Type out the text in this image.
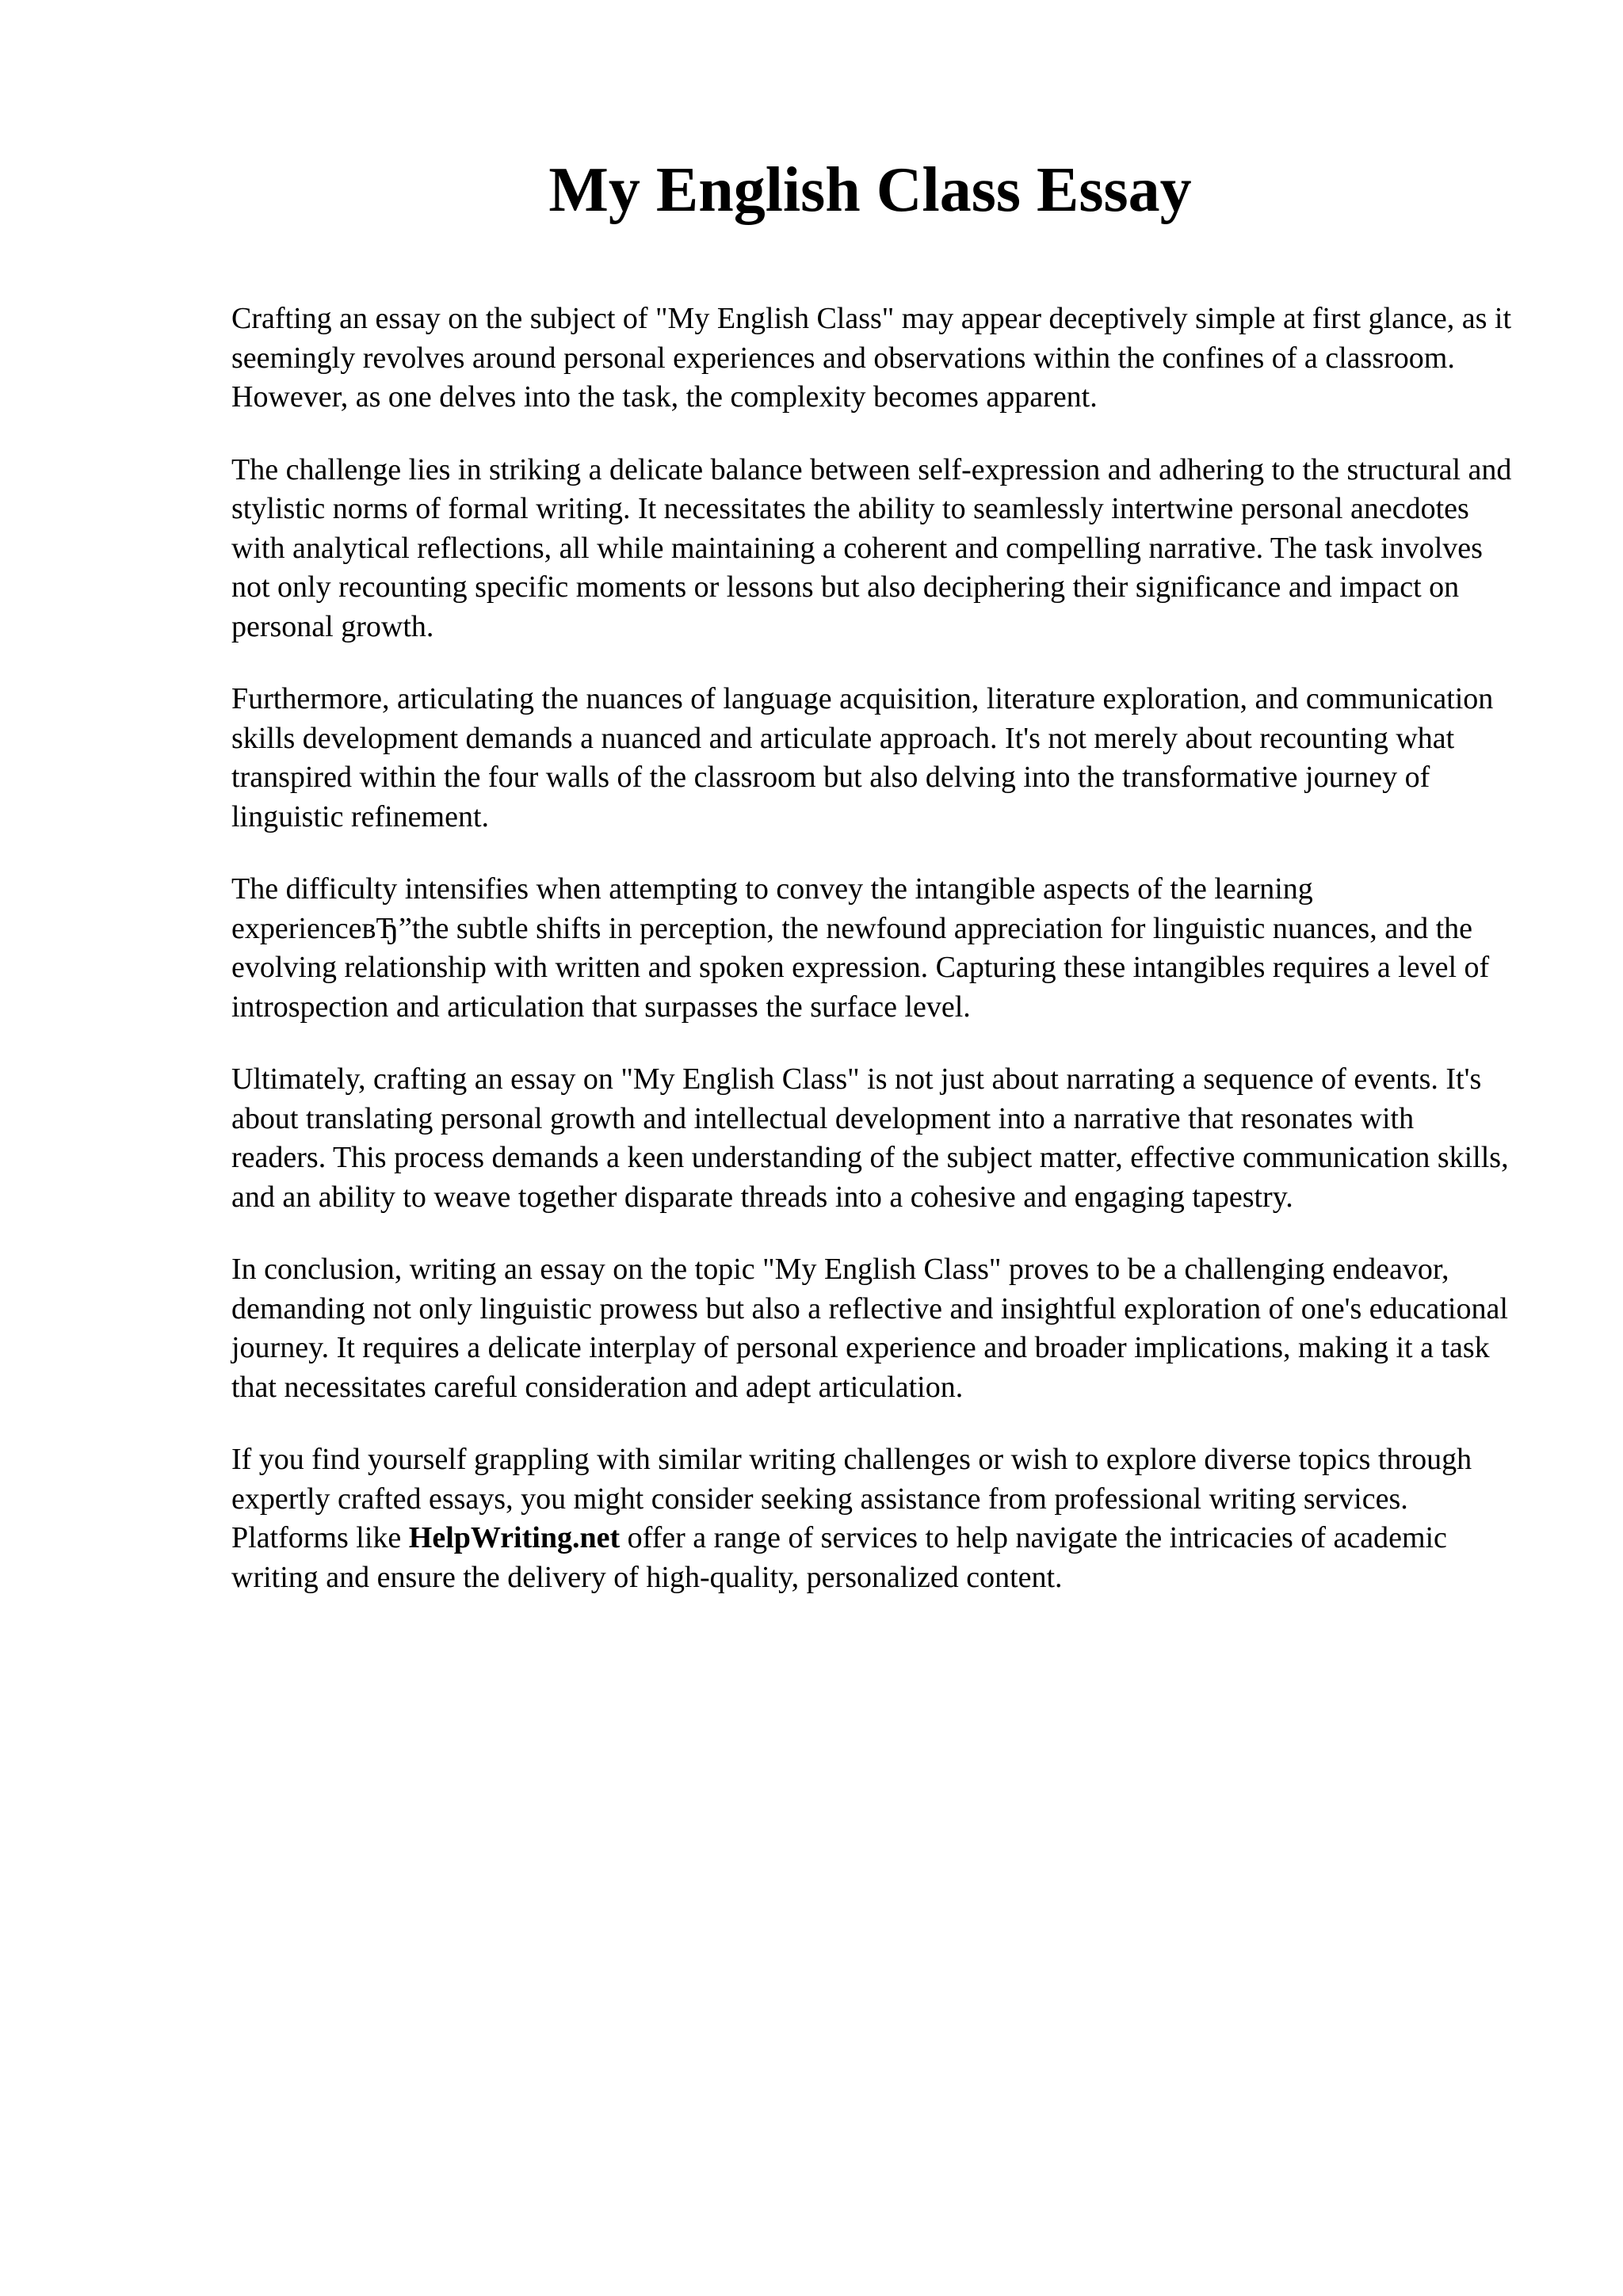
My English Class Essay

Crafting an essay on the subject of "My English Class" may appear deceptively simple at first glance, as it seemingly revolves around personal experiences and observations within the confines of a classroom. However, as one delves into the task, the complexity becomes apparent.

The challenge lies in striking a delicate balance between self-expression and adhering to the structural and stylistic norms of formal writing. It necessitates the ability to seamlessly intertwine personal anecdotes with analytical reflections, all while maintaining a coherent and compelling narrative. The task involves not only recounting specific moments or lessons but also deciphering their significance and impact on personal growth.

Furthermore, articulating the nuances of language acquisition, literature exploration, and communication skills development demands a nuanced and articulate approach. It's not merely about recounting what transpired within the four walls of the classroom but also delving into the transformative journey of linguistic refinement.

The difficulty intensifies when attempting to convey the intangible aspects of the learning experienceвЂ”the subtle shifts in perception, the newfound appreciation for linguistic nuances, and the evolving relationship with written and spoken expression. Capturing these intangibles requires a level of introspection and articulation that surpasses the surface level.

Ultimately, crafting an essay on "My English Class" is not just about narrating a sequence of events. It's about translating personal growth and intellectual development into a narrative that resonates with readers. This process demands a keen understanding of the subject matter, effective communication skills, and an ability to weave together disparate threads into a cohesive and engaging tapestry.

In conclusion, writing an essay on the topic "My English Class" proves to be a challenging endeavor, demanding not only linguistic prowess but also a reflective and insightful exploration of one's educational journey. It requires a delicate interplay of personal experience and broader implications, making it a task that necessitates careful consideration and adept articulation.

If you find yourself grappling with similar writing challenges or wish to explore diverse topics through expertly crafted essays, you might consider seeking assistance from professional writing services. Platforms like HelpWriting.net offer a range of services to help navigate the intricacies of academic writing and ensure the delivery of high-quality, personalized content.
